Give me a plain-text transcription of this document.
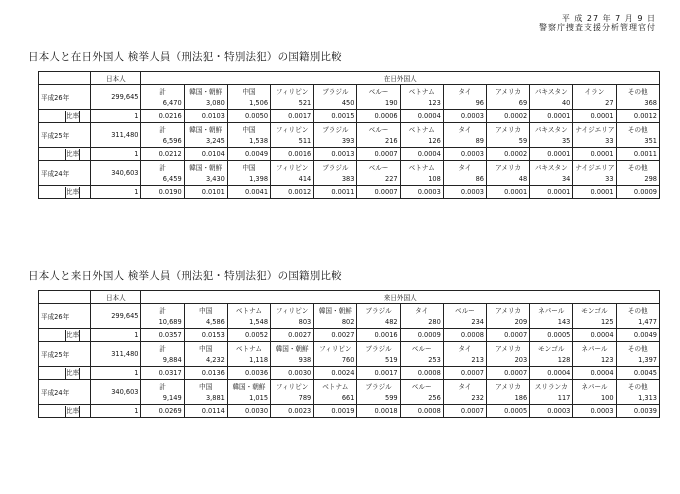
平 成 27 年 7 月 9 日
警察庁捜査支援分析管理官付
日本人と在日外国人 検挙人員（刑法犯・特別法犯）の国籍別比較
	日本人	在日外国人											
平成26年	299,645	計	韓国・朝鮮	中国	フィリピン	ブラジル	ベルー	ベトナム	タイ	アメリカ	パキスタン	イラン	その他
		6,470	3,080	1,506	521	450	190	123	96	69	40	27	368

比率	1	0.0216	0.0103	0.0050	0.0017	0.0015	0.0006	0.0004	0.0003	0.0002	0.0001	0.0001	0.0012
平成25年	311,480	計	韓国・朝鮮	中国	フィリピン	ブラジル	ベルー	ベトナム	タイ	アメリカ	パキスタン	ナイジエリア	その他
		6,596	3,245	1,538	511	393	216	126	89	59	35	33	351

比率	1	0.0212	0.0104	0.0049	0.0016	0.0013	0.0007	0.0004	0.0003	0.0002	0.0001	0.0001	0.0011
平成24年	340,603	計	韓国・朝鮮	中国	フィリピン	ブラジル	ベルー	ベトナム	タイ	アメリカ	パキスタン	ナイジエリア	その他
		6,459	3,430	1,398	414	383	227	108	86	48	34	33	298

比率	1	0.0190	0.0101	0.0041	0.0012	0.0011	0.0007	0.0003	0.0003	0.0001	0.0001	0.0001	0.0009
日本人と来日外国人 検挙人員（刑法犯・特別法犯）の国籍別比較
	日本人	来日外国人											
平成26年	299,645	計	中国	ベトナム	フィリピン	韓国・朝鮮	ブラジル	タイ	ベルー	アメリカ	ネパール	モンゴル	その他
		10,689	4,586	1,548	803	802	482	280	234	209	143	125	1,477

比率	1	0.0357	0.0153	0.0052	0.0027	0.0027	0.0016	0.0009	0.0008	0.0007	0.0005	0.0004	0.0049
平成25年	311,480	計	中国	ベトナム	韓国・朝鮮	フィリピン	ブラジル	ベルー	タイ	アメリカ	モンゴル	ネパール	その他
		9,884	4,232	1,118	938	760	519	253	213	203	128	123	1,397

比率	1	0.0317	0.0136	0.0036	0.0030	0.0024	0.0017	0.0008	0.0007	0.0007	0.0004	0.0004	0.0045
平成24年	340,603	計	中国	韓国・朝鮮	フィリピン	ベトナム	ブラジル	ベルー	タイ	アメリカ	スリランカ	ネパール	その他
		9,149	3,881	1,015	789	661	599	256	232	186	117	100	1,313

比率	1	0.0269	0.0114	0.0030	0.0023	0.0019	0.0018	0.0008	0.0007	0.0005	0.0003	0.0003	0.0039
